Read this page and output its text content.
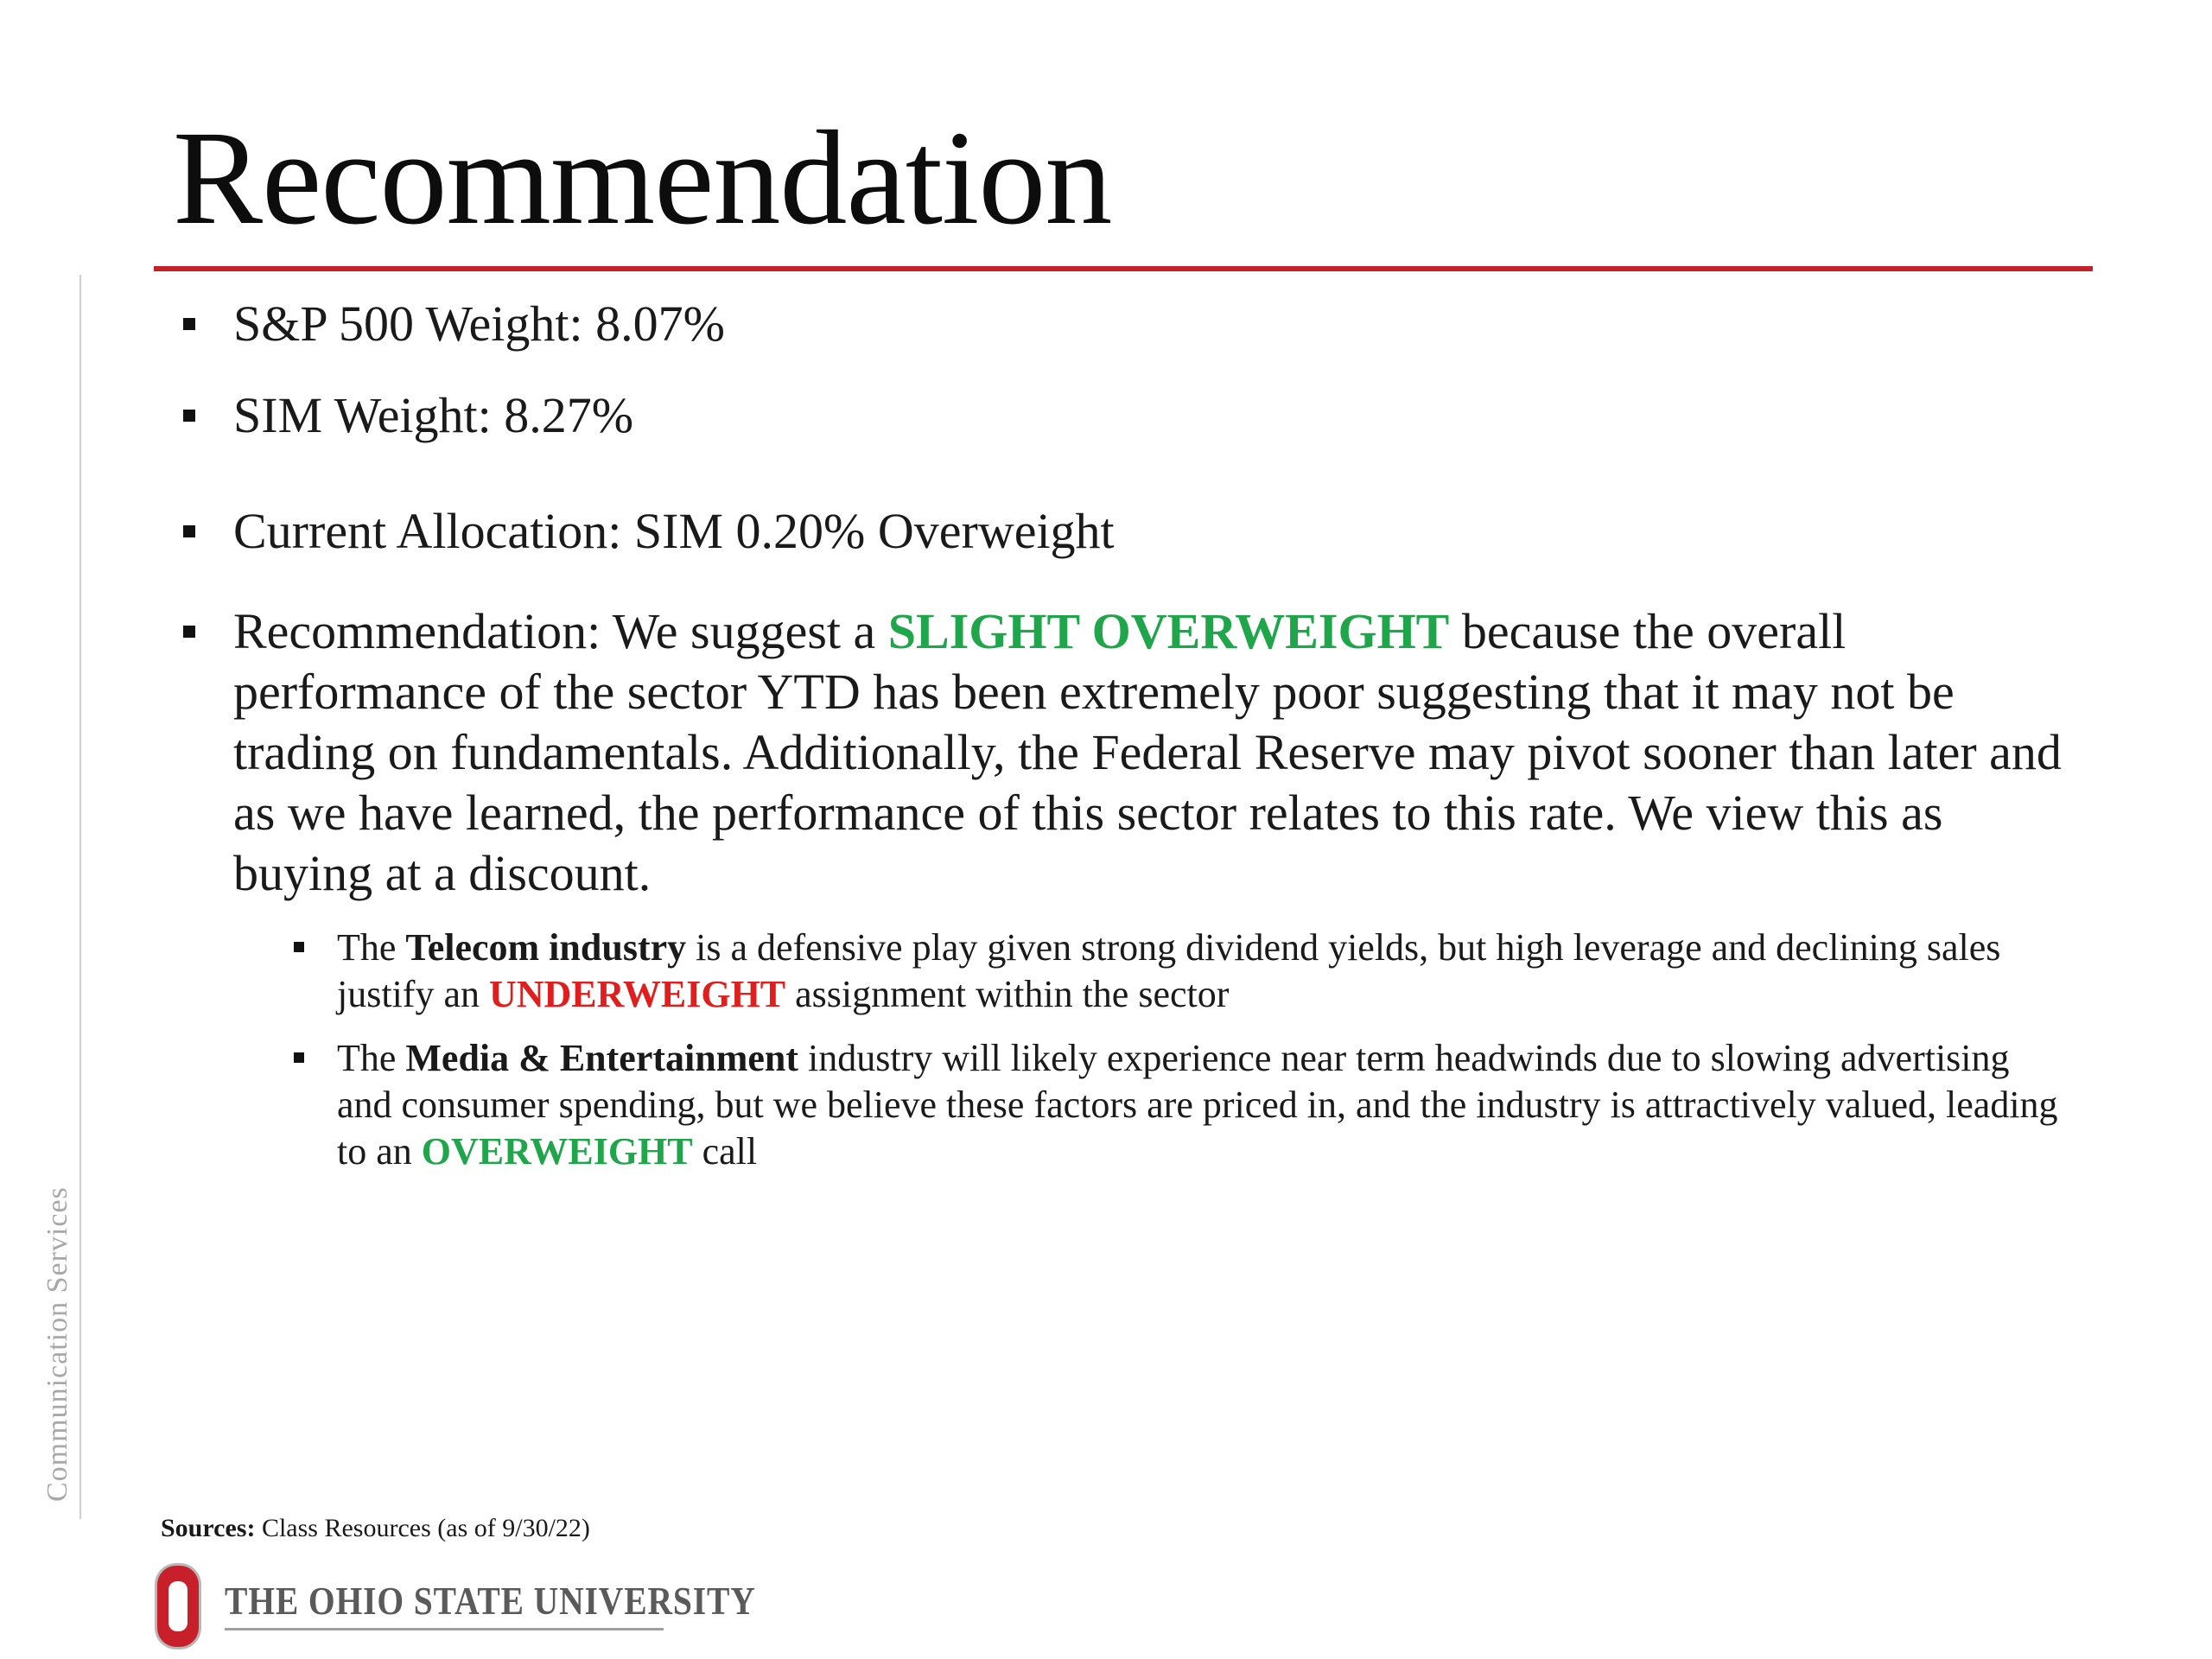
Recommendation
Communication Services
S&P 500 Weight: 8.07%
SIM Weight: 8.27%
Current Allocation: SIM 0.20% Overweight
Recommendation: We suggest a SLIGHT OVERWEIGHT because the overall performance of the sector YTD has been extremely poor suggesting that it may not be trading on fundamentals. Additionally, the Federal Reserve may pivot sooner than later and as we have learned, the performance of this sector relates to this rate. We view this as buying at a discount.
The Telecom industry is a defensive play given strong dividend yields, but high leverage and declining sales justify an UNDERWEIGHT assignment within the sector
The Media & Entertainment industry will likely experience near term headwinds due to slowing advertising and consumer spending, but we believe these factors are priced in, and the industry is attractively valued, leading to an OVERWEIGHT call
Sources: Class Resources (as of 9/30/22)
THE OHIO STATE UNIVERSITY
